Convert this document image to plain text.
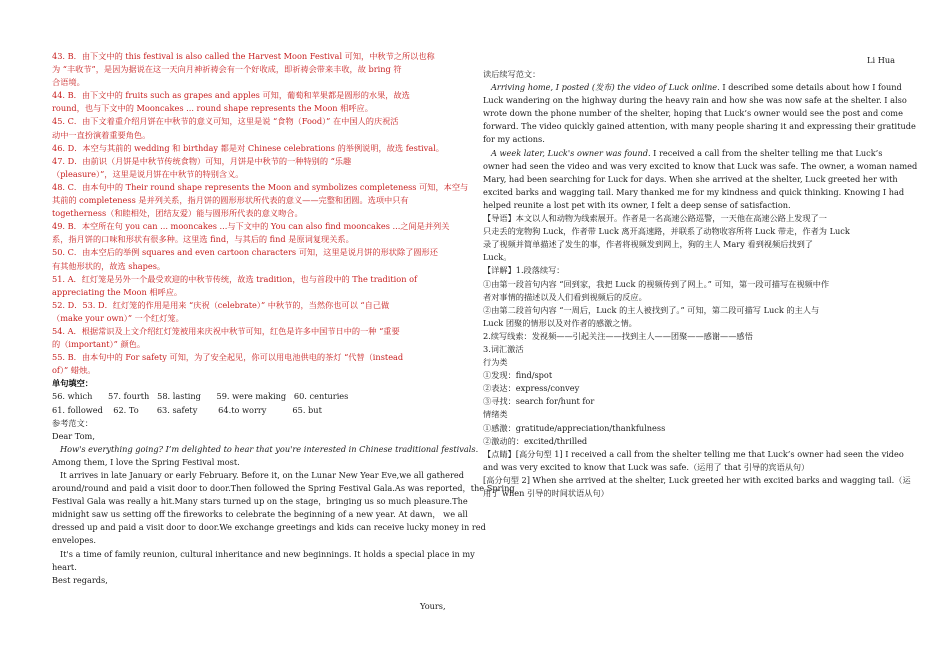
43. B．由下文中的 this festival is also called the Harvest Moon Festival 可知，中秋节之所以也称
为 “丰收节”，是因为据说在这一天向月神祈祷会有一个好收成，即祈祷会带来丰收，故 bring 符
合语境。
44. B．由下文中的 fruits such as grapes and apples 可知，葡萄和苹果都是圆形的水果，故选
round，也与下文中的 Mooncakes ... round shape represents the Moon 相呼应。
45. C．由下文着重介绍月饼在中秋节的意义可知，这里是说 “食物（Food）” 在中国人的庆祝活
动中一直扮演着重要角色。
46. D．本空与其前的 wedding 和 birthday 都是对 Chinese celebrations 的举例说明，故选 festival。
47. D．由前识（月饼是中秋节传统食物）可知，月饼是中秋节的一种特别的 “乐趣
（pleasure）”，这里是说月饼在中秋节的特别含义。
48. C．由本句中的 Their round shape represents the Moon and symbolizes completeness 可知，本空与
其前的 completeness 是并列关系，指月饼的圆形形状所代表的意义——完整和团圆。选项中只有
togetherness（和睦相处，团结友爱）能与圆形所代表的意义吻合。
49. B．本空所在句 you can ... mooncakes ...与下文中的 You can also find mooncakes ...之间是并列关
系，指月饼的口味和形状有很多种。这里选 find，与其后的 find 是原词复现关系。
50. C．由本空后的举例 squares and even cartoon characters 可知，这里是说月饼的形状除了圆形还
有其他形状的，故选 shapes。
51. A．红灯笼是另外一个最受欢迎的中秋节传统，故选 tradition，也与首段中的 The tradition of
appreciating the Moon 相呼应。
52. D．53. D．红灯笼的作用是用来 “庆祝（celebrate）” 中秋节的，当然你也可以 “自己做
（make your own）” 一个红灯笼。
54. A．根据常识及上文介绍红灯笼被用来庆祝中秋节可知，红色是许多中国节日中的一种 “重要
的（important）” 颜色。
55. B．由本句中的 For safety 可知，为了安全起见，你可以用电池供电的茶灯 “代替（instead
of）” 蜡烛。
单句填空：
56. which      57. fourth   58. lasting      59. were making   60. centuries
61. followed    62. To       63. safety        64.to worry          65. but
参考范文：
Dear Tom,
How's everything going? I’m delighted to hear that you're interested in Chinese traditional festivals.
Among them, I love the Spring Festival most.
It arrives in late January or early February. Before it, on the Lunar New Year Eve,we all gathered
around/round and paid a visit door to door.Then followed the Spring Festival Gala.As was reported，the Spring
Festival Gala was really a hit.Many stars turned up on the stage，bringing us so much pleasure.The
midnight saw us setting off the fireworks to celebrate the beginning of a new year. At dawn， we all
dressed up and paid a visit door to door.We exchange greetings and kids can receive lucky money in red
envelopes.
It's a time of family reunion, cultural inheritance and new beginnings. It holds a special place in my
heart.
Best regards,
Yours,
Li Hua
读后续写范文：
Arriving home, I posted (发布) the video of Luck online. I described some details about how I found
Luck wandering on the highway during the heavy rain and how she was now safe at the shelter. I also
wrote down the phone number of the shelter, hoping that Luck’s owner would see the post and come
forward. The video quickly gained attention, with many people sharing it and expressing their gratitude
for my actions.
A week later, Luck's owner was found. I received a call from the shelter telling me that Luck’s
owner had seen the video and was very excited to know that Luck was safe. The owner, a woman named
Mary, had been searching for Luck for days. When she arrived at the shelter, Luck greeted her with
excited barks and wagging tail. Mary thanked me for my kindness and quick thinking. Knowing I had
helped reunite a lost pet with its owner, I felt a deep sense of satisfaction.
【导语】本文以人和动物为线索展开。作者是一名高速公路巡警，一天他在高速公路上发现了一
只走丢的宠物狗 Luck，作者带 Luck 离开高速路，并联系了动物收容所将 Luck 带走，作者为 Luck
录了视频并简单描述了发生的事，作者将视频发到网上，狗的主人 Mary 看到视频后找到了
Luck。
【详解】1.段落续写：
①由第一段首句内容 “回到家，我把 Luck 的视频传到了网上。” 可知，第一段可描写在视频中作
者对事情的描述以及人们看到视频后的反应。
②由第二段首句内容 “一周后，Luck 的主人被找到了。” 可知，第二段可描写 Luck 的主人与
Luck 团聚的情形以及对作者的感激之情。
2.续写线索：发视频——引起关注——找到主人——团聚——感谢——感悟
3.词汇激活
行为类
①发现：find/spot
②表达：express/convey
③寻找：search for/hunt for
情绪类
①感激：gratitude/appreciation/thankfulness
②激动的：excited/thrilled
【点睛】[高分句型 1] I received a call from the shelter telling me that Luck’s owner had seen the video
and was very excited to know that Luck was safe.（运用了 that 引导的宾语从句）
[高分句型 2] When she arrived at the shelter, Luck greeted her with excited barks and wagging tail.（运
用了 when 引导的时间状语从句）
